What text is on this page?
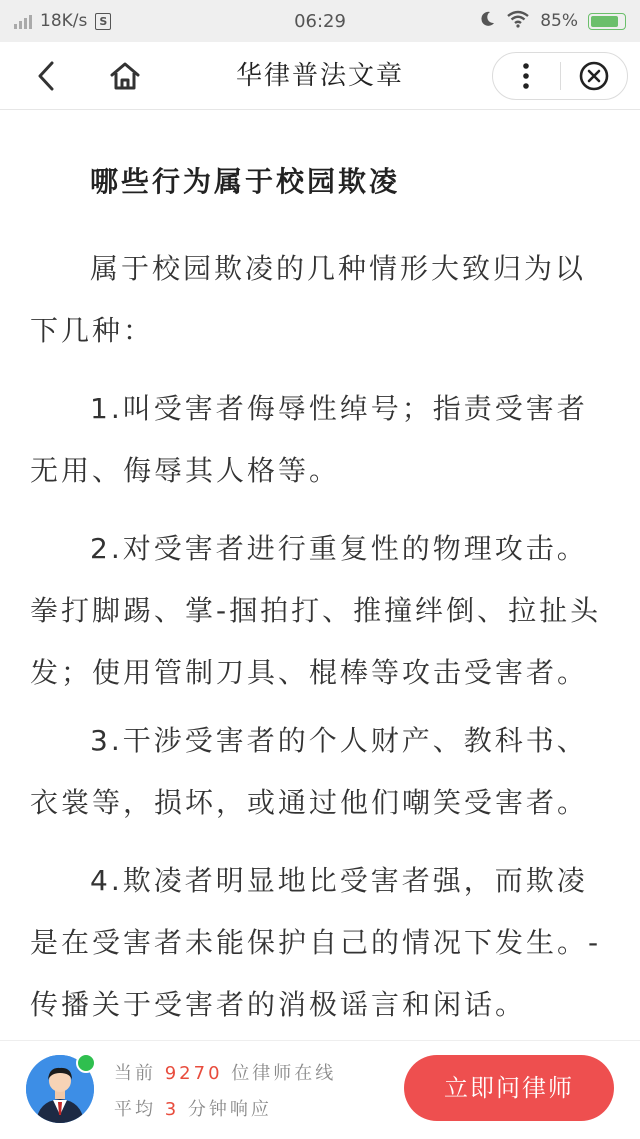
18K/s	S	06:29	85%
华律普法文章
哪些行为属于校园欺凌

属于校园欺凌的几种情形大致归为以下几种：

1.叫受害者侮辱性绰号；指责受害者无用、侮辱其人格等。

2.对受害者进行重复性的物理攻击。拳打脚踢、掌-掴拍打、推撞绊倒、拉扯头发；使用管制刀具、棍棒等攻击受害者。

3.干涉受害者的个人财产、教科书、衣裳等，损坏，或通过他们嘲笑受害者。

4.欺凌者明显地比受害者强，而欺凌是在受害者未能保护自己的情况下发生。-传播关于受害者的消极谣言和闲话。

当前 9270 位律师在线
平均 3 分钟响应
立即问律师
